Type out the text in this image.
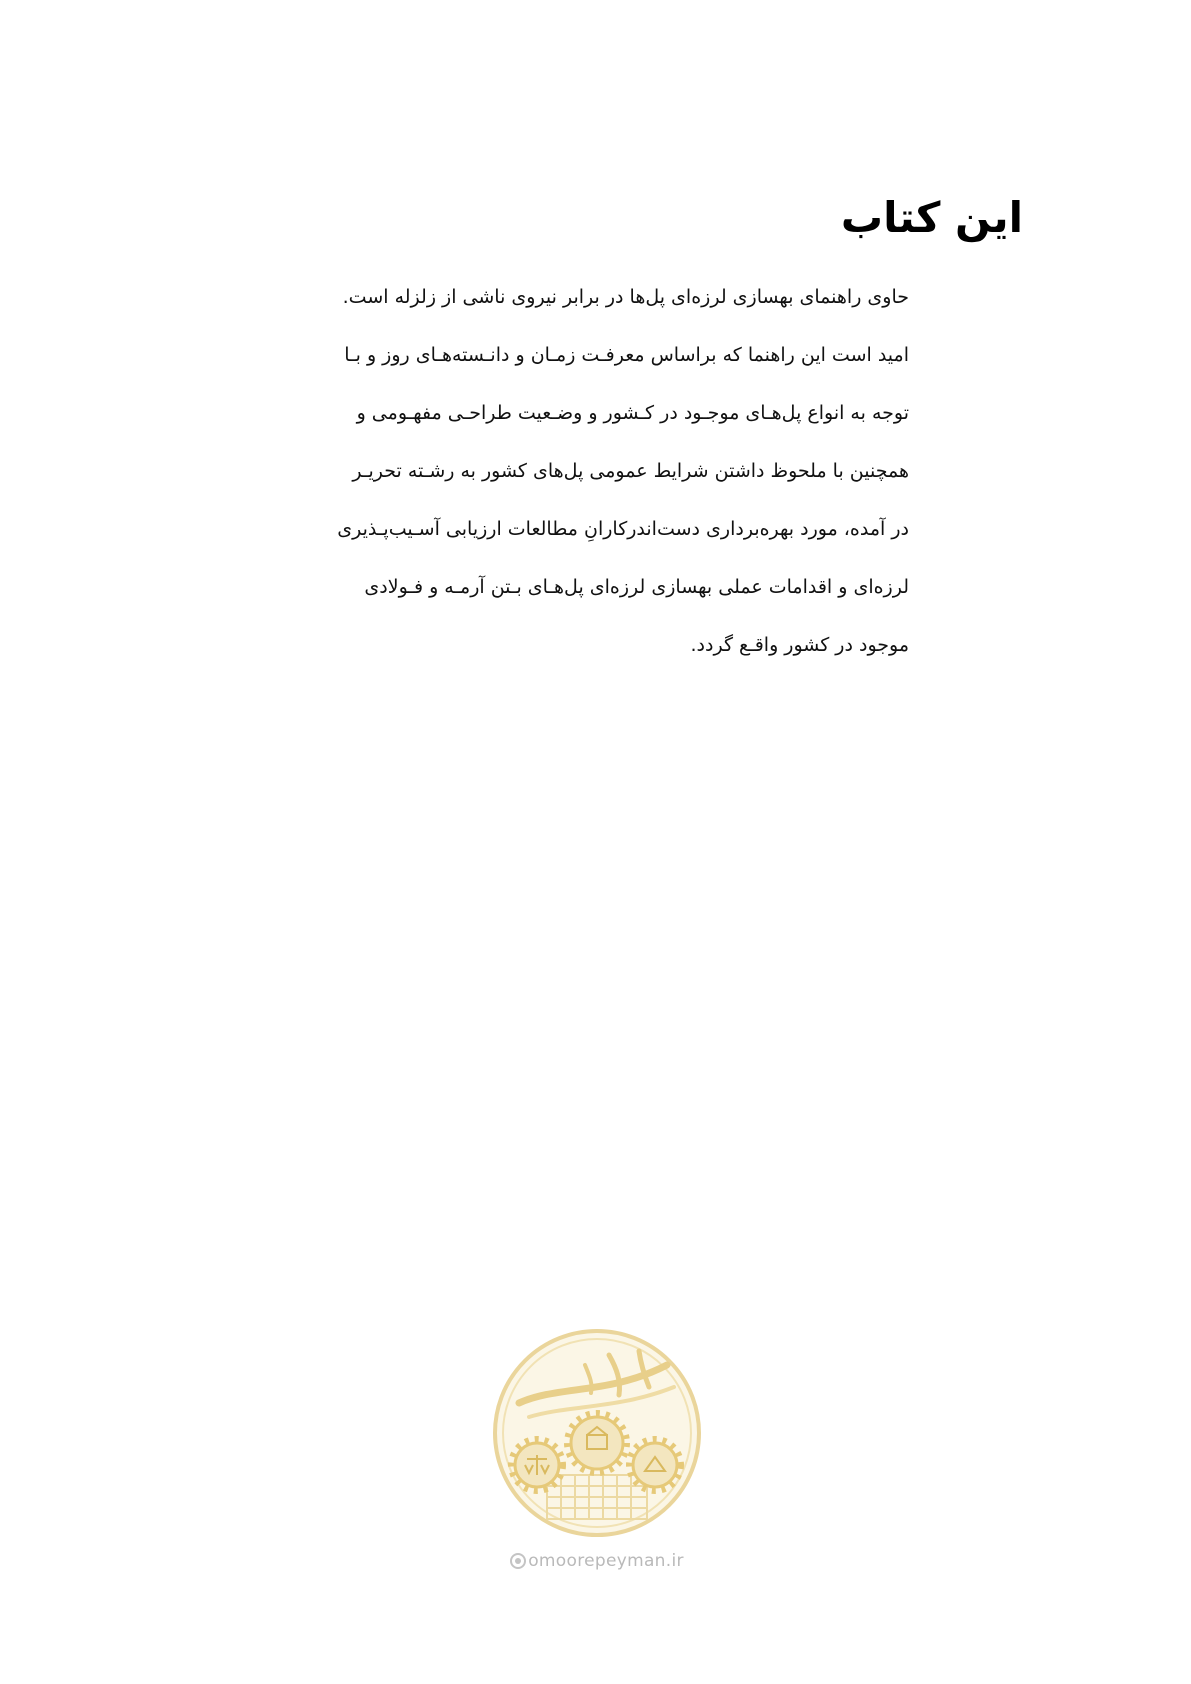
این کتاب
حاوی راهنمای بهسازی لرزه‌ای پل‌ها در برابر نیروی ناشی از زلزله است.
امید است این راهنما که براساس معرفـت زمـان و دانـسته‌هـای روز و بـا
توجه به انواع پل‌هـای موجـود در کـشور و وضـعیت طراحـی مفهـومی و
همچنین با ملحوظ داشتن شرایط عمومی پل‌های کشور به رشـته تحریـر
در آمده، مورد بهره‌برداری دست‌اندرکارانِ مطالعات ارزیابی آسـیب‌پـذیری
لرزه‌ای و اقدامات عملی بهسازی لرزه‌ای پل‌هـای بـتن آرمـه و فـولادی
موجود در کشور واقـع گردد.
omoorepeyman.ir
